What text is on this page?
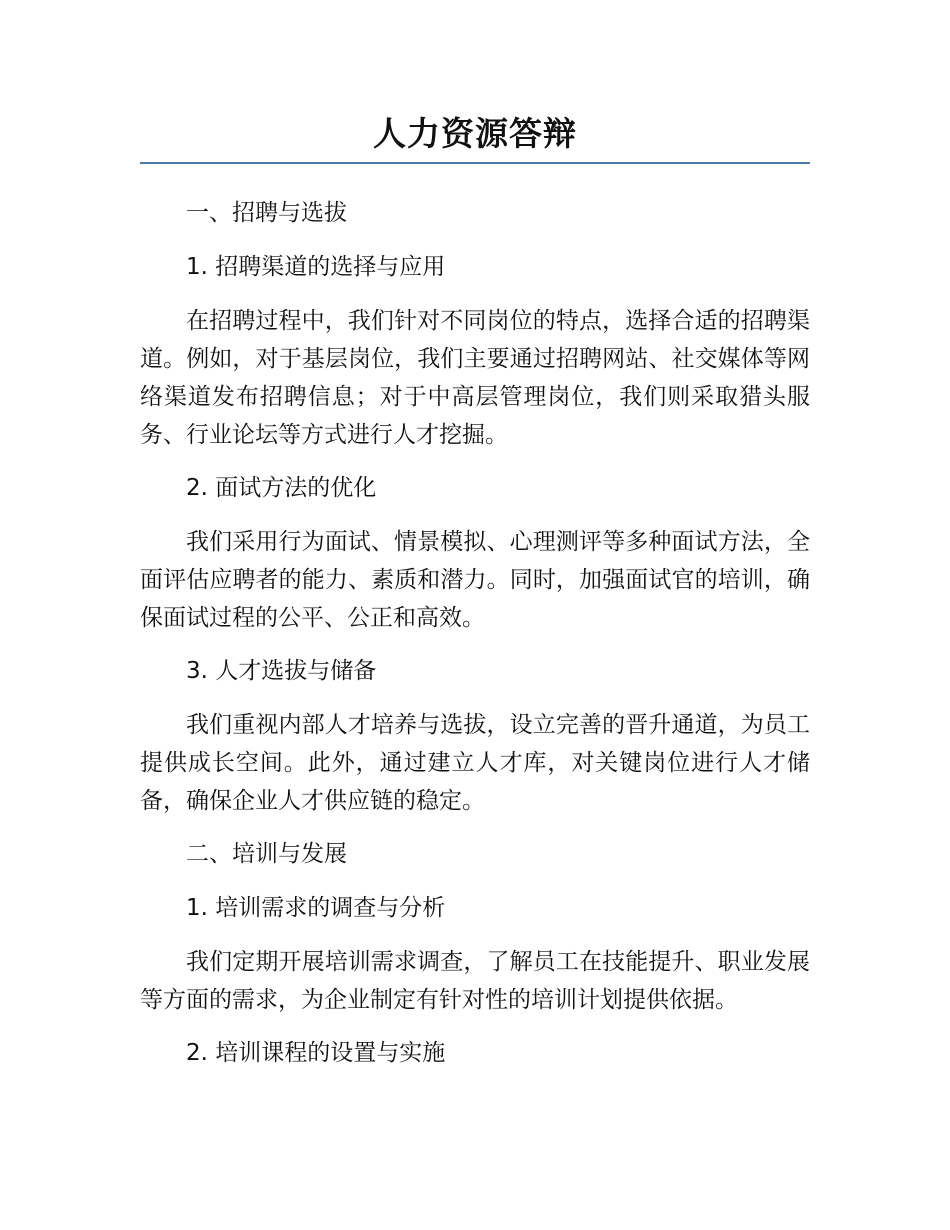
人力资源答辩

一、招聘与选拔

1. 招聘渠道的选择与应用

在招聘过程中，我们针对不同岗位的特点，选择合适的招聘渠道。例如，对于基层岗位，我们主要通过招聘网站、社交媒体等网络渠道发布招聘信息；对于中高层管理岗位，我们则采取猎头服务、行业论坛等方式进行人才挖掘。

2. 面试方法的优化

我们采用行为面试、情景模拟、心理测评等多种面试方法，全面评估应聘者的能力、素质和潜力。同时，加强面试官的培训，确保面试过程的公平、公正和高效。

3. 人才选拔与储备

我们重视内部人才培养与选拔，设立完善的晋升通道，为员工提供成长空间。此外，通过建立人才库，对关键岗位进行人才储备，确保企业人才供应链的稳定。

二、培训与发展

1. 培训需求的调查与分析

我们定期开展培训需求调查，了解员工在技能提升、职业发展等方面的需求，为企业制定有针对性的培训计划提供依据。

2. 培训课程的设置与实施
